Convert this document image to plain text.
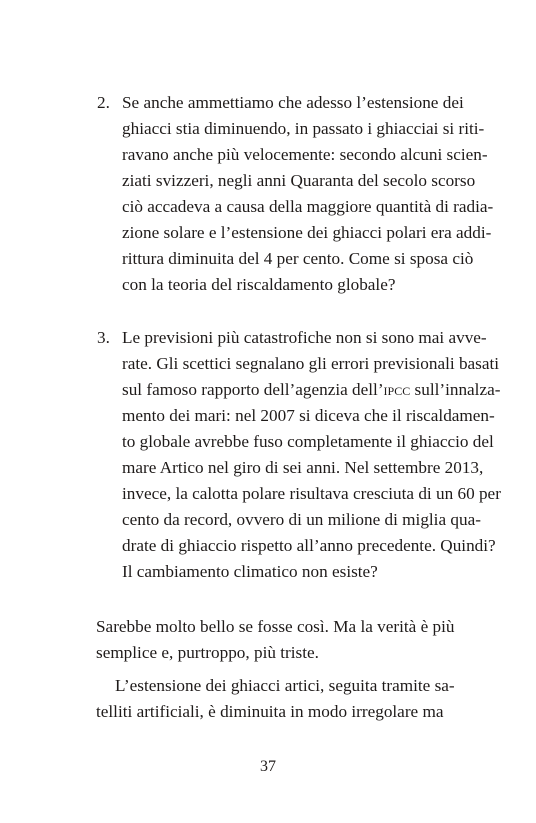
2. Se anche ammettiamo che adesso l’estensione dei
ghiacci stia diminuendo, in passato i ghiacciai si riti-
ravano anche più velocemente: secondo alcuni scien-
ziati svizzeri, negli anni Quaranta del secolo scorso
ciò accadeva a causa della maggiore quantità di radia-
zione solare e l’estensione dei ghiacci polari era addi-
rittura diminuita del 4 per cento. Come si sposa ciò
con la teoria del riscaldamento globale?
3. Le previsioni più catastrofiche non si sono mai avve-
rate. Gli scettici segnalano gli errori previsionali basati
sul famoso rapporto dell’agenzia dell’ipcc sull’innalza-
mento dei mari: nel 2007 si diceva che il riscaldamen-
to globale avrebbe fuso completamente il ghiaccio del
mare Artico nel giro di sei anni. Nel settembre 2013,
invece, la calotta polare risultava cresciuta di un 60 per
cento da record, ovvero di un milione di miglia qua-
drate di ghiaccio rispetto all’anno precedente. Quindi?
Il cambiamento climatico non esiste?
Sarebbe molto bello se fosse così. Ma la verità è più
semplice e, purtroppo, più triste.
L’estensione dei ghiacci artici, seguita tramite sa-
telliti artificiali, è diminuita in modo irregolare ma
37
